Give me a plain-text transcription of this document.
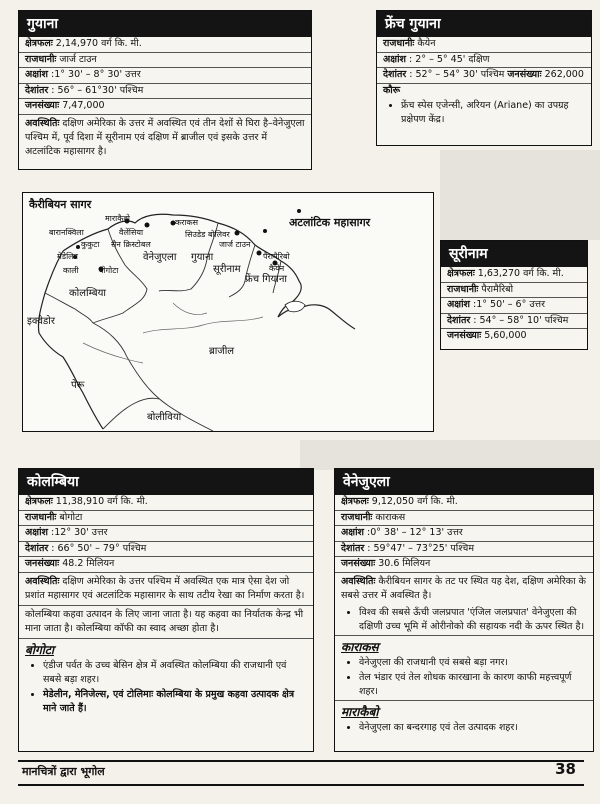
गुयाना
क्षेत्रफलः 2,14,970 वर्ग कि. मी.
राजधानीः जार्ज टाउन
अक्षांश :1° 30' – 8° 30' उत्तर
देशांतर : 56° – 61°30' पश्चिम
जनसंख्याः 7,47,000
अवस्थितिः दक्षिण अमेरिका के उत्तर में अवस्थित एवं तीन देशों से घिरा है–वेनेजुएला पश्चिम में, पूर्व दिशा में सूरीनाम एवं दक्षिण में ब्राजील एवं इसके उत्तर में अटलांटिक महासागर है।
फ्रेंच गुयाना
राजधानीः कैयेन
अक्षांश : 2° – 5° 45' दक्षिण
देशांतर : 52° – 54° 30' पश्चिम जनसंख्याः 262,000
कौरू
• फ्रेंच स्पेस एजेन्सी, अरियन (Ariane) का उपग्रह प्रक्षेपण केंद्र।
कैरीबियन सागर
अटलांटिक महासागर
माराकैबो
बारानक्विला
कराकस
वैलेंसिया
कुकुटा सैन क्रिस्टोबल
सिउडेड बोलिवर
मेडेलिन
जार्ज टाउन
पैरामैरिबो
कैयेन
काली	बोगोटा
वेनेजुएला गुयाना
सूरीनाम
फ्रेंच गियाना
कोलम्बिया
इक्वेडोर
ब्राजील
पेरू
बोलीविया
सूरीनाम
क्षेत्रफलः 1,63,270 वर्ग कि. मी.
राजधानीः पैरामैरिबो
अक्षांश :1° 50' – 6° उत्तर
देशांतर : 54° – 58° 10' पश्चिम
जनसंख्याः 5,60,000
कोलम्बिया
क्षेत्रफलः 11,38,910 वर्ग कि. मी.
राजधानीः बोगोटा
अक्षांश :12° 30' उत्तर
देशांतर : 66° 50' – 79° पश्चिम
जनसंख्याः 48.2 मिलियन
अवस्थितिः दक्षिण अमेरिका के उत्तर पश्चिम में अवस्थित एक मात्र ऐसा देश जो प्रशांत महासागर एवं अटलांटिक महासागर के साथ तटीय रेखा का निर्माण करता है।
कोलम्बिया कहवा उत्पादन के लिए जाना जाता है। यह कहवा का निर्यातक केन्द्र भी माना जाता है। कोलम्बिया कॉफी का स्वाद अच्छा होता है।
बोगोटा
• एंडीज पर्वत के उच्च बेसिन क्षेत्र में अवस्थित कोलम्बिया की राजधानी एवं सबसे बड़ा शहर।
• मेडेलीन, मेनिजेल्स, एवं टोलिमाः कोलम्बिया के प्रमुख कहवा उत्पादक क्षेत्र माने जाते हैं।
वेनेजुएला
क्षेत्रफलः 9,12,050 वर्ग कि. मी.
राजधानीः काराकस
अक्षांश :0° 38' – 12° 13' उत्तर
देशांतर : 59°47' – 73°25' पश्चिम
जनसंख्याः 30.6 मिलियन
अवस्थितिः कैरीबियन सागर के तट पर स्थित यह देश, दक्षिण अमेरिका के सबसे उत्तर में अवस्थित है।
• विश्व की सबसे ऊँची जलप्रपात 'एंजिल जलप्रपात' वेनेजुएला की दक्षिणी उच्च भूमि में ओरीनोको की सहायक नदी के ऊपर स्थित है।
काराकस
• वेनेजुएला की राजधानी एवं सबसे बड़ा नगर।
• तेल भंडार एवं तेल शोधक कारखाना के कारण काफी महत्त्वपूर्ण शहर।
माराकैबो
• वेनेजुएला का बन्दरगाह एवं तेल उत्पादक शहर।
मानचित्रों द्वारा भूगोल	38
